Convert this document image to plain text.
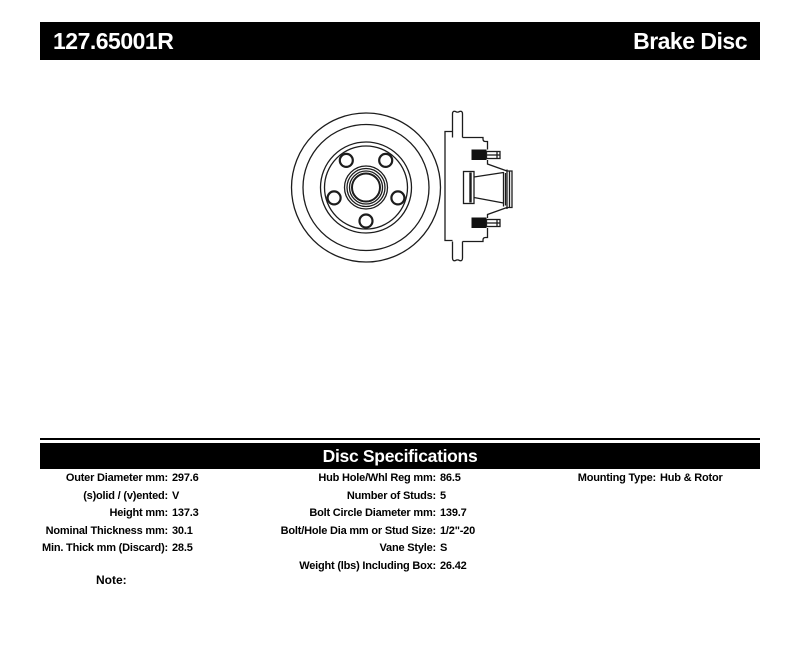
127.65001R	Brake Disc
Disc Specifications
Outer Diameter mm: 297.6
(s)olid / (v)ented: V
Height mm: 137.3
Nominal Thickness mm: 30.1
Min. Thick mm (Discard): 28.5
Hub Hole/Whl Reg mm: 86.5
Number of Studs: 5
Bolt Circle Diameter mm: 139.7
Bolt/Hole Dia mm or Stud Size: 1/2"-20
Vane Style: S
Weight (lbs) Including Box: 26.42
Mounting Type: Hub & Rotor
Note:
